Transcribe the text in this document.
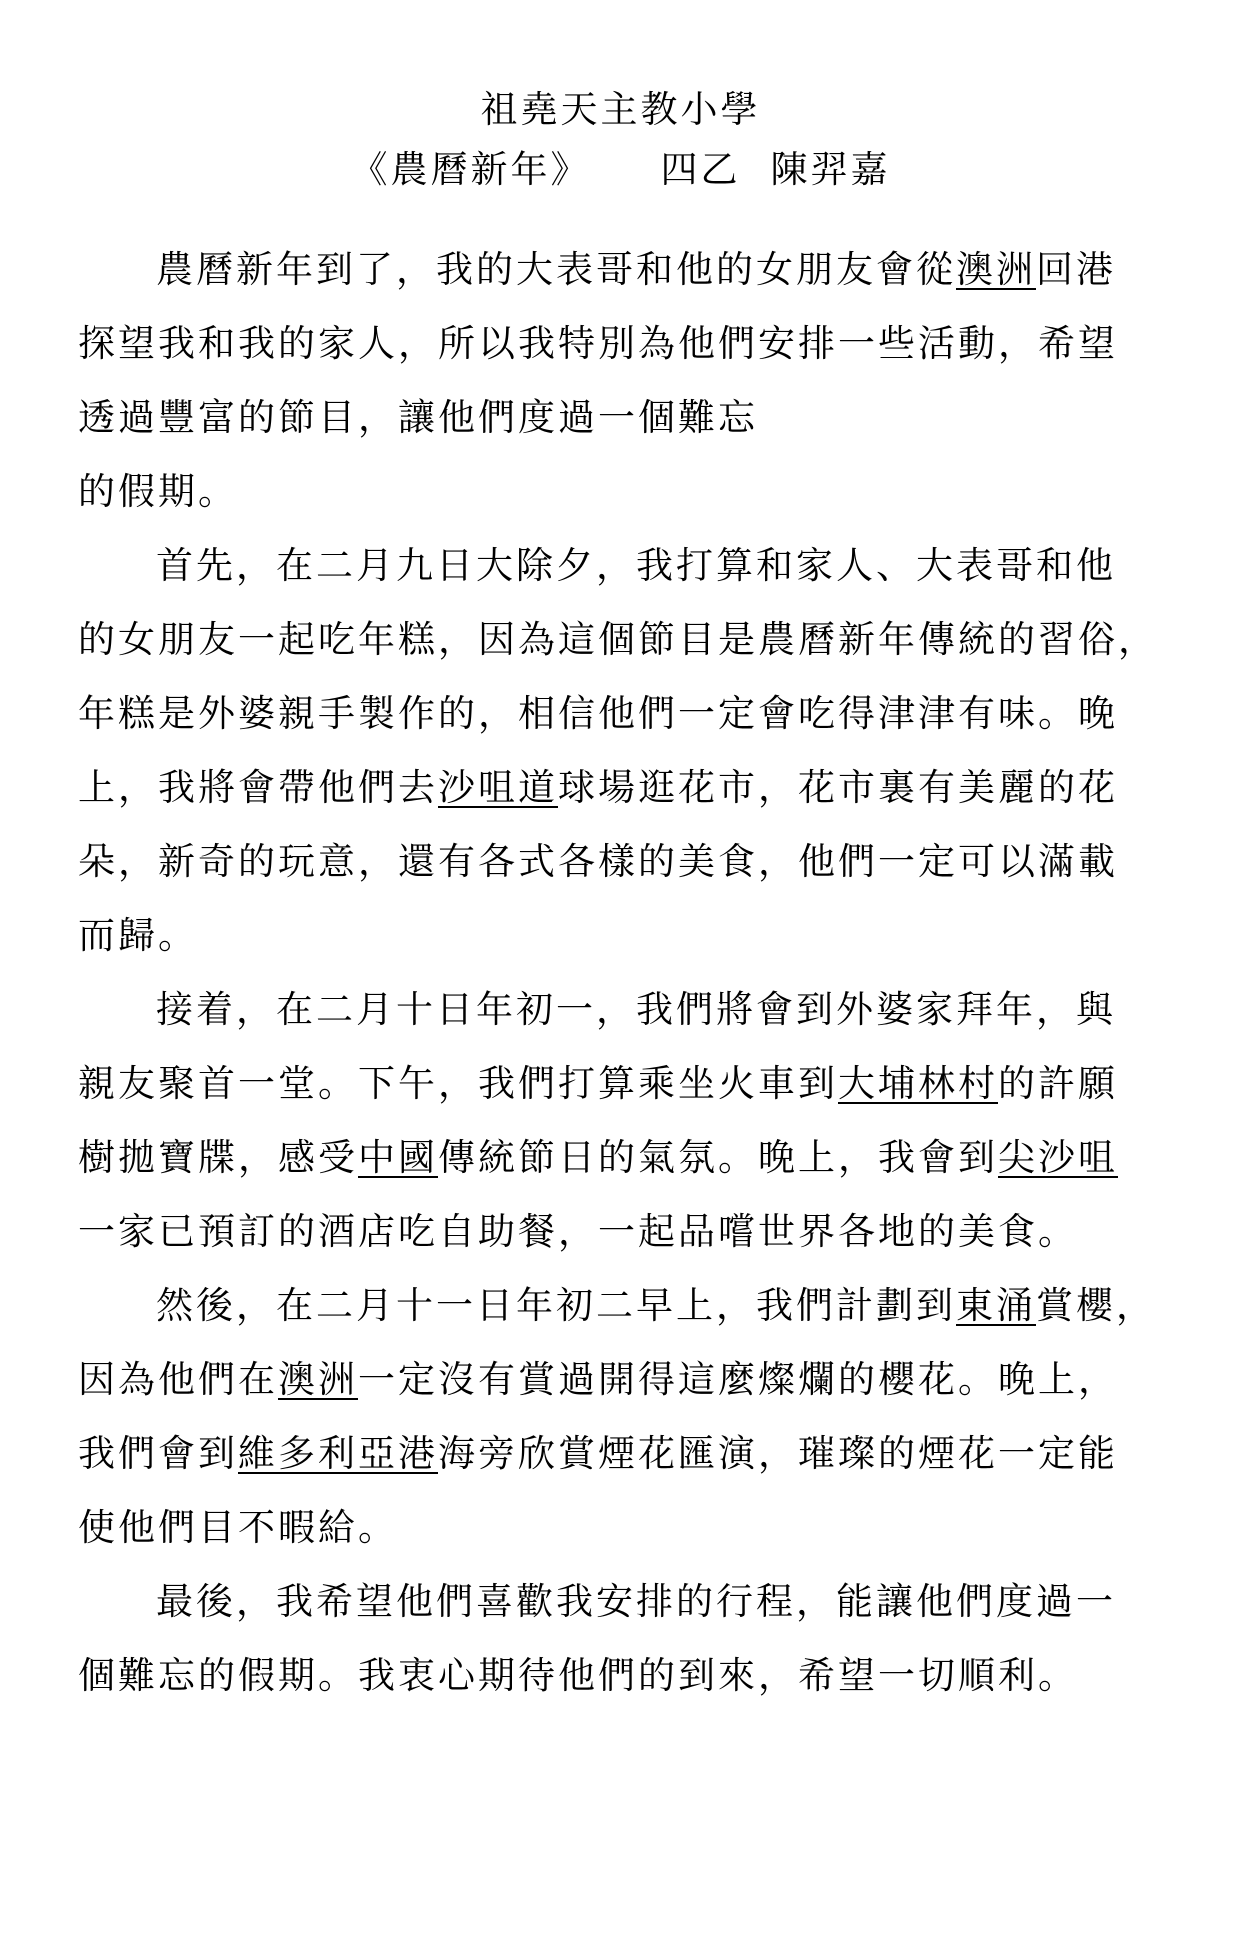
祖堯天主教小學
《農曆新年》 四乙 陳羿嘉
農曆新年到了，我的大表哥和他的女朋友會從澳洲回港
探望我和我的家人，所以我特別為他們安排一些活動，希望
透過豐富的節目，讓他們度過一個難忘
的假期。
首先，在二月九日大除夕，我打算和家人、大表哥和他
的女朋友一起吃年糕，因為這個節目是農曆新年傳統的習俗，
年糕是外婆親手製作的，相信他們一定會吃得津津有味。晚
上，我將會帶他們去沙咀道球場逛花市，花市裏有美麗的花
朵，新奇的玩意，還有各式各樣的美食，他們一定可以滿載
而歸。
接着，在二月十日年初一，我們將會到外婆家拜年，與
親友聚首一堂。下午，我們打算乘坐火車到大埔林村的許願
樹拋寶牒，感受中國傳統節日的氣氛。晚上，我會到尖沙咀
一家已預訂的酒店吃自助餐，一起品嚐世界各地的美食。
然後，在二月十一日年初二早上，我們計劃到東涌賞櫻，
因為他們在澳洲一定沒有賞過開得這麼燦爛的櫻花。晚上，
我們會到維多利亞港海旁欣賞煙花匯演，璀璨的煙花一定能
使他們目不暇給。
最後，我希望他們喜歡我安排的行程，能讓他們度過一
個難忘的假期。我衷心期待他們的到來，希望一切順利。
